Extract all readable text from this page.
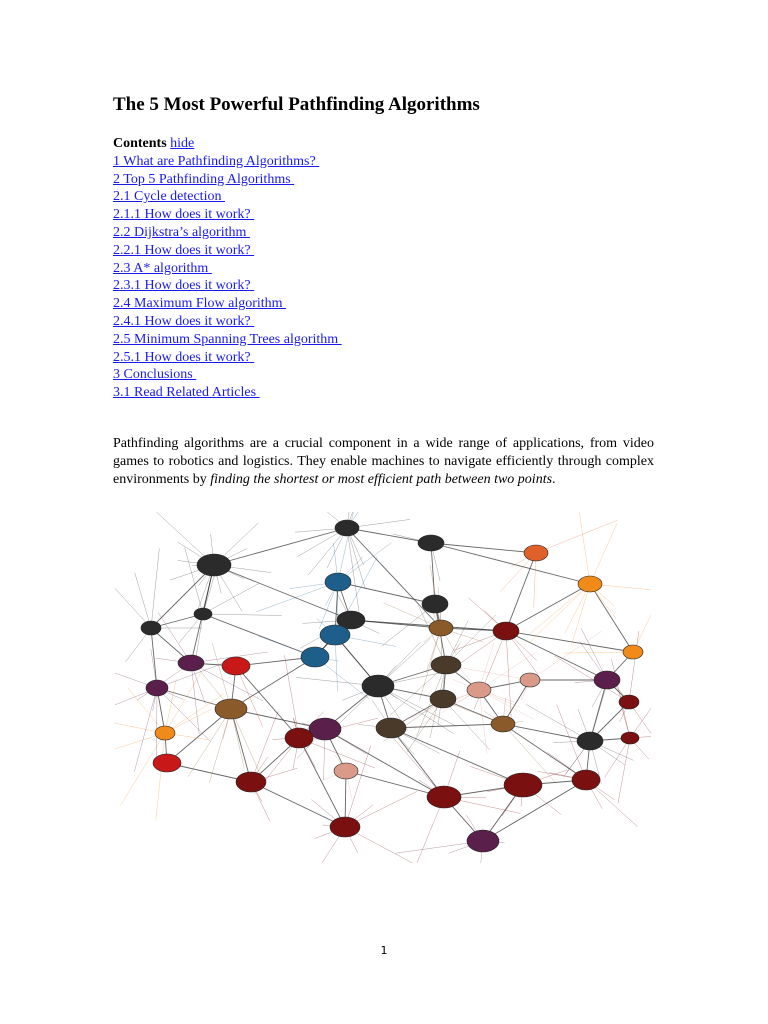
The 5 Most Powerful Pathfinding Algorithms
Contents hide
1 What are Pathfinding Algorithms?
2 Top 5 Pathfinding Algorithms
2.1 Cycle detection
2.1.1 How does it work?
2.2 Dijkstra’s algorithm
2.2.1 How does it work?
2.3 A* algorithm
2.3.1 How does it work?
2.4 Maximum Flow algorithm
2.4.1 How does it work?
2.5 Minimum Spanning Trees algorithm
2.5.1 How does it work?
3 Conclusions
3.1 Read Related Articles

Pathfinding algorithms are a crucial component in a wide range of applications, from video games to robotics and logistics. They enable machines to navigate efficiently through complex environments by finding the shortest or most efficient path between two points.

1
